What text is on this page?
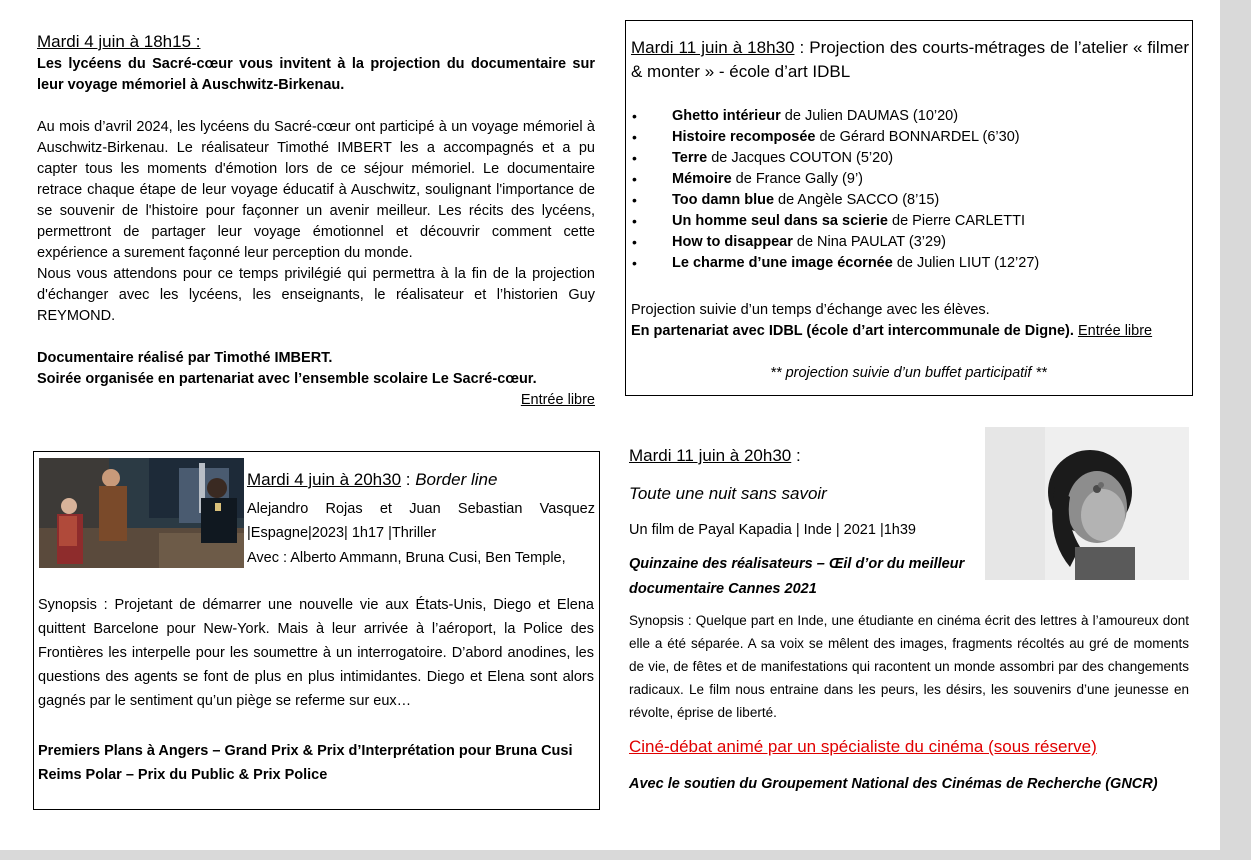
Mardi 4 juin à 18h15 :
Les lycéens du Sacré-cœur vous invitent à la projection du documentaire sur leur voyage mémoriel à Auschwitz-Birkenau.
Au mois d’avril 2024, les lycéens du Sacré-cœur ont participé à un voyage mémoriel à Auschwitz-Birkenau. Le réalisateur Timothé IMBERT les a accompagnés et a pu capter tous les moments d'émotion lors de ce séjour mémoriel. Le documentaire retrace chaque étape de leur voyage éducatif à Auschwitz, soulignant l'importance de se souvenir de l'histoire pour façonner un avenir meilleur. Les récits des lycéens, permettront de partager leur voyage émotionnel et découvrir comment cette expérience a surement façonné leur perception du monde.
Nous vous attendons pour ce temps privilégié qui permettra à la fin de la projection d'échanger avec les lycéens, les enseignants, le réalisateur et l’historien Guy REYMOND.
Documentaire réalisé par Timothé IMBERT.
Soirée organisée en partenariat avec l’ensemble scolaire Le Sacré-cœur.
Entrée libre
Mardi 4 juin à 20h30 : Border line
Alejandro Rojas et Juan Sebastian Vasquez |Espagne|2023| 1h17 |Thriller
Avec : Alberto Ammann, Bruna Cusi, Ben Temple,
Synopsis : Projetant de démarrer une nouvelle vie aux États-Unis, Diego et Elena quittent Barcelone pour New-York. Mais à leur arrivée à l’aéroport, la Police des Frontières les interpelle pour les soumettre à un interrogatoire. D’abord anodines, les questions des agents se font de plus en plus intimidantes. Diego et Elena sont alors gagnés par le sentiment qu’un piège se referme sur eux…
Premiers Plans à Angers – Grand Prix & Prix d’Interprétation pour Bruna Cusi
Reims Polar – Prix du Public & Prix Police
Mardi 11 juin à 18h30 : Projection des courts-métrages de l’atelier « filmer & monter » - école d’art IDBL
• Ghetto intérieur de Julien DAUMAS (10’20)
• Histoire recomposée de Gérard BONNARDEL (6’30)
• Terre de Jacques COUTON (5’20)
• Mémoire de France Gally (9’)
• Too damn blue de Angèle SACCO (8’15)
• Un homme seul dans sa scierie de Pierre CARLETTI
• How to disappear de Nina PAULAT (3’29)
• Le charme d’une image écornée de Julien LIUT (12’27)
Projection suivie d’un temps d’échange avec les élèves.
En partenariat avec IDBL (école d’art intercommunale de Digne). Entrée libre
** projection suivie d’un buffet participatif **
Mardi 11 juin à 20h30 :
Toute une nuit sans savoir
Un film de Payal Kapadia | Inde | 2021 |1h39
Quinzaine des réalisateurs – Œil d’or du meilleur documentaire Cannes 2021
Synopsis : Quelque part en Inde, une étudiante en cinéma écrit des lettres à l’amoureux dont elle a été séparée. A sa voix se mêlent des images, fragments récoltés au gré de moments de vie, de fêtes et de manifestations qui racontent un monde assombri par des changements radicaux. Le film nous entraine dans les peurs, les désirs, les souvenirs d’une jeunesse en révolte, éprise de liberté.
Ciné-débat animé par un spécialiste du cinéma (sous réserve)
Avec le soutien du Groupement National des Cinémas de Recherche (GNCR)
